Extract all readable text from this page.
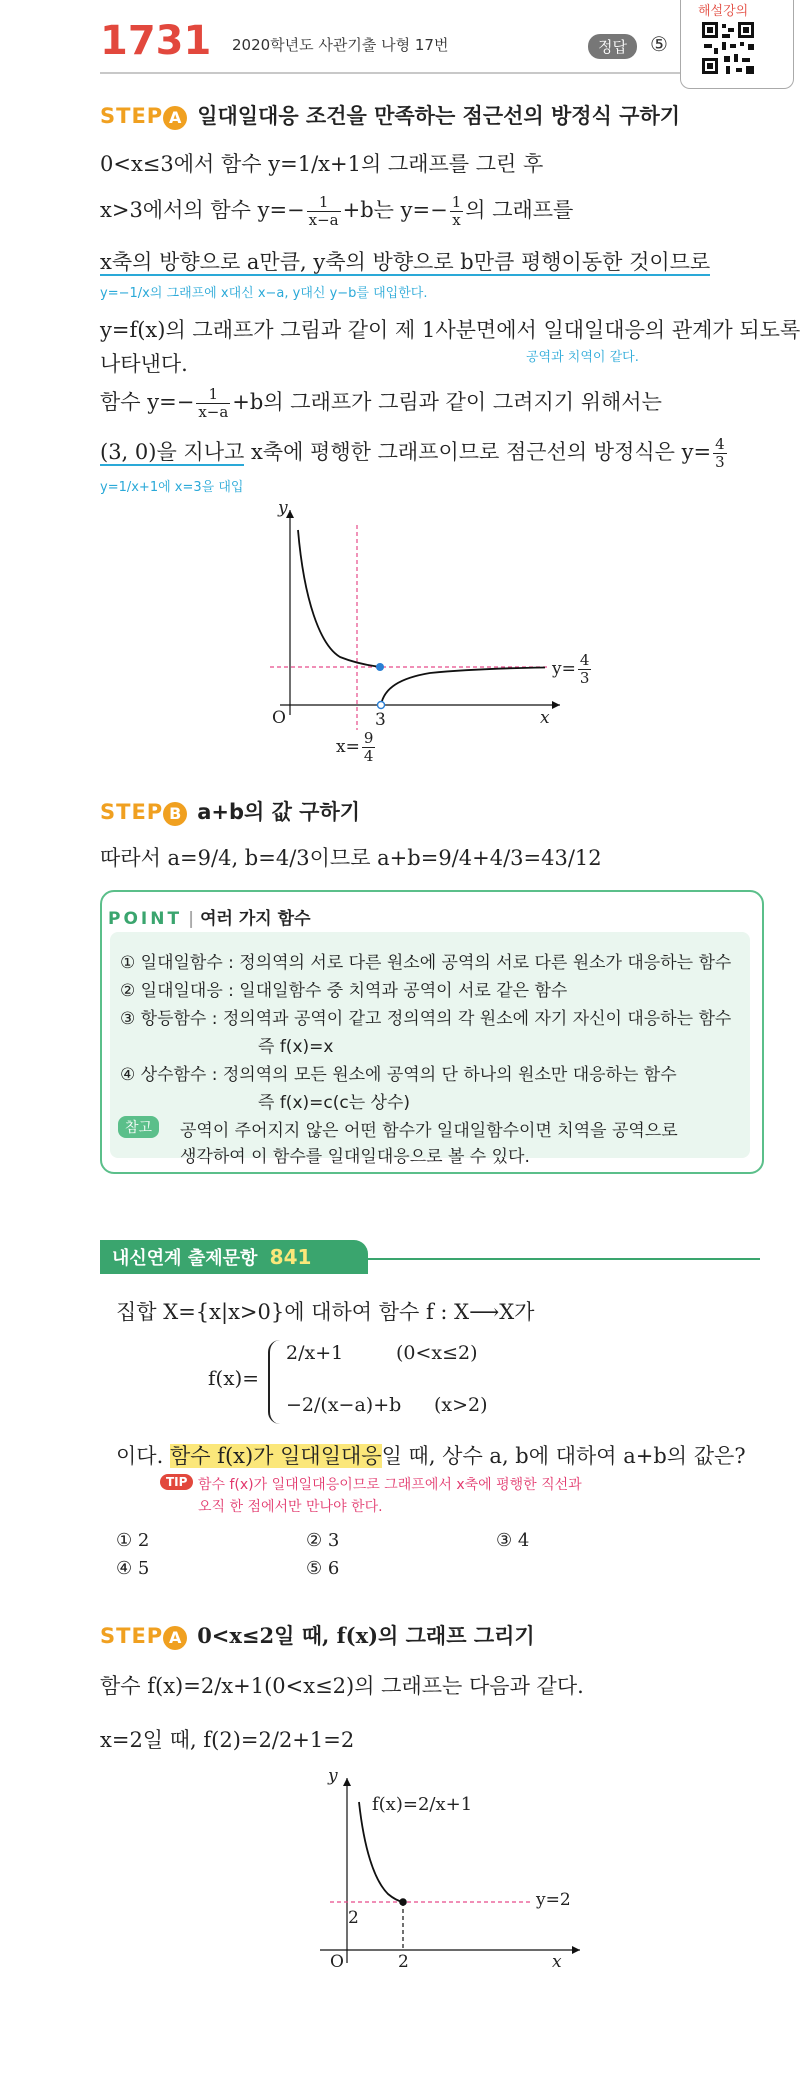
1731 2020학년도 사관기출 나형 17번	정답	⑤
해설강의
STEP A 일대일대응 조건을 만족하는 점근선의 방정식 구하기
0<x≤3에서 함수 y=1/x+1의 그래프를 그린 후
x>3에서의 함수 $y=- \frac{1}{x-a} +b$는 $y=- \frac{1}{x}$ 의 그래프를
x축의 방향으로 a만큼, y축의 방향으로 b만큼 평행이동한 것이므로
y=−1/x의 그래프에 x대신 x−a, y대신 y−b를 대입한다.
y=f(x)의 그래프가 그림과 같이 제 1사분면에서 일대일대응의 관계가 되도록
나타낸다.	공역과 치역이 같다.
함수 $y=- \frac{1}{x-a} +b$의 그래프가 그림과 같이 그려지기 위해서는
(3, 0)을 지나고 x축에 평행한 그래프이므로 점근선의 방정식은 $y= \frac{4}{3}$
y=1/x+1에 x=3을 대입
y
x
O	3
$y= \frac{4}{3}$
$x= \frac{9}{4}$
STEP B a+b의 값 구하기
따라서 a=9/4, b=4/3이므로 a+b=9/4+4/3=43/12
POINT | 여러 가지 함수
① 일대일함수 : 정의역의 서로 다른 원소에 공역의 서로 다른 원소가 대응하는 함수
② 일대일대응 : 일대일함수 중 치역과 공역이 서로 같은 함수
③ 항등함수 : 정의역과 공역이 같고 정의역의 각 원소에 자기 자신이 대응하는 함수
즉 f(x)=x
④ 상수함수 : 정의역의 모든 원소에 공역의 단 하나의 원소만 대응하는 함수
즉 f(x)=c(c는 상수)
참고	공역이 주어지지 않은 어떤 함수가 일대일함수이면 치역을 공역으로
생각하여 이 함수를 일대일대응으로 볼 수 있다.
내신연계 출제문항 841
집합 X={x|x>0}에 대하여 함수 f : X⟶X가
f(x)=
2/x+1	(0<x≤2)
−2/(x−a)+b (x>2)
이다. 함수 f(x)가 일대일대응일 때, 상수 a, b에 대하여 a+b의 값은?
TIP 함수 f(x)가 일대일대응이므로 그래프에서 x축에 평행한 직선과
오직 한 점에서만 만나야 한다.
① 2	② 3	③ 4
④ 5	⑤ 6
STEP A 0<x≤2일 때, f(x)의 그래프 그리기
함수 f(x)=2/x+1(0<x≤2)의 그래프는 다음과 같다.
x=2일 때, f(2)=2/2+1=2
y
x
O	2
2
f(x)=2/x+1
y=2
